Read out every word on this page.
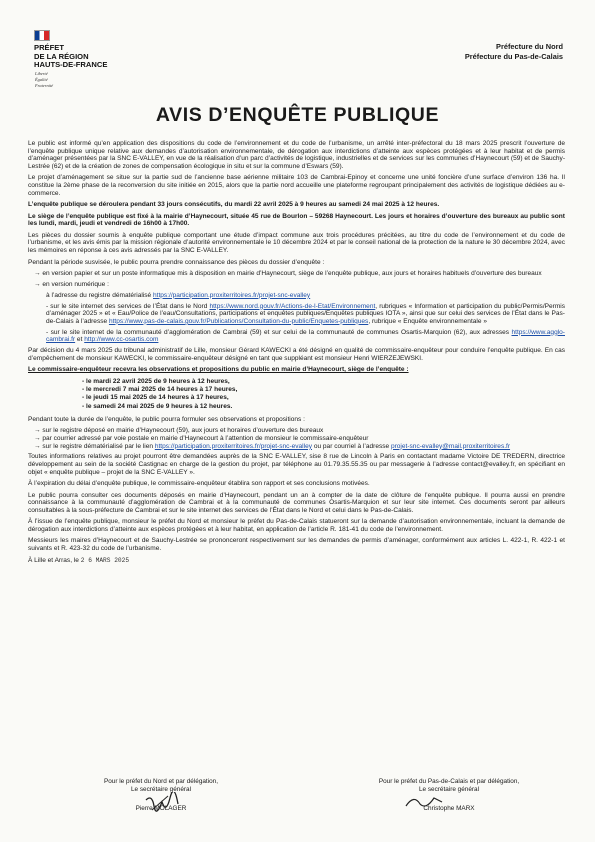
PRÉFET
DE LA RÉGION
HAUTS-DE-FRANCE
Liberté
Égalité
Fraternité
Préfecture du Nord
Préfecture du Pas-de-Calais
AVIS D’ENQUÊTE PUBLIQUE

Le public est informé qu’en application des dispositions du code de l’environnement et du code de l’urbanisme, un arrêté inter-préfectoral du 18 mars 2025 prescrit l’ouverture de l’enquête publique unique relative aux demandes d’autorisation environnementale, de dérogation aux interdictions d’atteinte aux espèces protégées et à leur habitat et de permis d’aménager présentées par la SNC E-VALLEY, en vue de la réalisation d’un parc d’activités de logistique, industrielles et de services sur les communes d’Haynecourt (59) et de Sauchy-Lestrée (62) et de la création de zones de compensation écologique in situ et sur la commune d’Eswars (59).

Le projet d’aménagement se situe sur la partie sud de l’ancienne base aérienne militaire 103 de Cambrai-Epinoy et concerne une unité foncière d’une surface d’environ 136 ha. Il constitue la 2ème phase de la reconversion du site initiée en 2015, alors que la partie nord accueille une plateforme regroupant principalement des activités de logistique dédiées au e-commerce.

L’enquête publique se déroulera pendant 33 jours consécutifs, du mardi 22 avril 2025 à 9 heures au samedi 24 mai 2025 à 12 heures.

Le siège de l’enquête publique est fixé à la mairie d’Haynecourt, située 45 rue de Bourlon – 59268 Haynecourt. Les jours et horaires d’ouverture des bureaux au public sont les lundi, mardi, jeudi et vendredi de 16h00 à 17h00.

Les pièces du dossier soumis à enquête publique comportant une étude d’impact commune aux trois procédures précitées, au titre du code de l’environnement et du code de l’urbanisme, et les avis émis par la mission régionale d’autorité environnementale le 10 décembre 2024 et par le conseil national de la protection de la nature le 30 décembre 2024, avec les mémoires en réponse à ces avis adressés par la SNC E-VALLEY.

Pendant la période susvisée, le public pourra prendre connaissance des pièces du dossier d’enquête :

→ en version papier et sur un poste informatique mis à disposition en mairie d’Haynecourt, siège de l’enquête publique, aux jours et horaires habituels d’ouverture des bureaux

→ en version numérique :

à l’adresse du registre dématérialisé https://participation.proxiterritoires.fr/projet-snc-evalley

- sur le site internet des services de l’État dans le Nord https://www.nord.gouv.fr/Actions-de-l-Etat/Environnement, rubriques « Information et participation du public/Permis/Permis d’aménager 2025 » et « Eau/Police de l’eau/Consultations, participations et enquêtes publiques/Enquêtes publiques IOTA », ainsi que sur celui des services de l’État dans le Pas-de-Calais à l’adresse https://www.pas-de-calais.gouv.fr/Publications/Consultation-du-public/Enquetes-publiques, rubrique « Enquête environnementale »

- sur le site internet de la communauté d’agglomération de Cambrai (59) et sur celui de la communauté de communes Osartis-Marquion (62), aux adresses https://www.agglo-cambrai.fr et http://www.cc-osartis.com

Par décision du 4 mars 2025 du tribunal administratif de Lille, monsieur Gérard KAWECKI a été désigné en qualité de commissaire-enquêteur pour conduire l’enquête publique. En cas d’empêchement de monsieur KAWECKI, le commissaire-enquêteur désigné en tant que suppléant est monsieur Henri WIERZEJEWSKI.

Le commissaire-enquêteur recevra les observations et propositions du public en mairie d’Haynecourt, siège de l’enquête :

- le mardi 22 avril 2025 de 9 heures à 12 heures,
- le mercredi 7 mai 2025 de 14 heures à 17 heures,
- le jeudi 15 mai 2025 de 14 heures à 17 heures,
- le samedi 24 mai 2025 de 9 heures à 12 heures.

Pendant toute la durée de l’enquête, le public pourra formuler ses observations et propositions :

→ sur le registre déposé en mairie d’Haynecourt (59), aux jours et horaires d’ouverture des bureaux

→ par courrier adressé par voie postale en mairie d’Haynecourt à l’attention de monsieur le commissaire-enquêteur

→ sur le registre dématérialisé par le lien https://participation.proxiterritoires.fr/projet-snc-evalley ou par courriel à l’adresse projet-snc-evalley@mail.proxiterritoires.fr

Toutes informations relatives au projet pourront être demandées auprès de la SNC E-VALLEY, sise 8 rue de Lincoln à Paris en contactant madame Victoire DE TREDERN, directrice développement au sein de la société Castignac en charge de la gestion du projet, par téléphone au 01.79.35.55.35 ou par messagerie à l’adresse contact@evalley.fr, en spécifiant en objet « enquête publique – projet de la SNC E-VALLEY ».

À l’expiration du délai d’enquête publique, le commissaire-enquêteur établira son rapport et ses conclusions motivées.

Le public pourra consulter ces documents déposés en mairie d’Haynecourt, pendant un an à compter de la date de clôture de l’enquête publique. Il pourra aussi en prendre connaissance à la communauté d’agglomération de Cambrai et à la communauté de communes Osartis-Marquion et sur leur site internet. Ces documents seront par ailleurs consultables à la sous-préfecture de Cambrai et sur le site internet des services de l’État dans le Nord et celui dans le Pas-de-Calais.

À l’issue de l’enquête publique, monsieur le préfet du Nord et monsieur le préfet du Pas-de-Calais statueront sur la demande d’autorisation environnementale, incluant la demande de dérogation aux interdictions d’atteinte aux espèces protégées et à leur habitat, en application de l’article R. 181-41 du code de l’environnement.

Messieurs les maires d’Haynecourt et de Sauchy-Lestrée se prononceront respectivement sur les demandes de permis d’aménager, conformément aux articles L. 422-1, R. 422-1 et suivants et R. 423-32 du code de l’urbanisme.

À Lille et Arras, le 2 6 MARS 2025

Pour le préfet du Nord et par délégation,
Le secrétaire général
Pierre MOLAGER
Pour le préfet du Pas-de-Calais et par délégation,
Le secrétaire général
Christophe MARX
